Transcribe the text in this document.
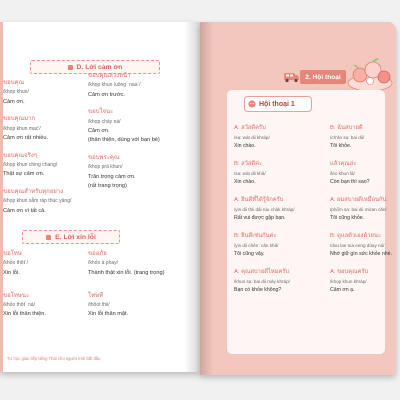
D. Lời cảm ơn
ขอบคุณ
/khọp khun/
Cảm ơn.
ขอบคุณมาก
/khọp khun mac'/
Cảm ơn rất nhiều.
ขอบคุณจริงๆ
/khọp khun ching chang/
Thật sự cảm ơn.
ขอบคุณสำหรับทุกอย่าง
/khọp khun sẳm ràp thúc yàng/
Cảm ơn vì tất cả.
ขอบคุณล่วงหน้า
/khọp khun luông´ naa´/
Cảm ơn trước.
ขอบใจนะ
/khọp chày ná/
Cảm ơn.
(thân thiện, dùng với bạn bè)
ขอบพระคุณ
/khọp prá khun/
Trân trọng cảm ơn.
(rất trang trọng)
E. Lời xin lỗi
ขอโทษ
/khỏo thôt´/
Xin lỗi.
ขอโทษนะ
/khỏo thôt´ ná/
Xin lỗi thân thiện.
ขออภัย
/khỏo à phay/
Thành thật xin lỗi. (trang trọng)
โทษที
/thôot thii/
Xin lỗi thân mật.
Tự học giao tiếp tiếng Thái cho người mới bắt đầu
2. Hội thoại
Hội thoại 1
A: สวัสดีครับ
/sa: wàt dii khráp/
Xin chào.
B: สวัสดีค่ะ
/sa: wàt dii khâ/
Xin chào.
A: ยินดีที่ได้รู้จักครับ
/yin dii thii dâi rúu chàk khráp/
Rất vui được gặp bạn.
B: ยินดีเช่นกันค่ะ
/yin dii chên´ căn khâ/
Tôi cũng vậy.
A: คุณสบายดีไหมครับ
/khun sa: bai dii mảy khráp/
Bạn có khỏe không?
B: ฉันสบายดี
/ch'ản sa: bai dii/
Tôi khỏe.
แล้วคุณล่ะ
/léo khun lâ/
Còn bạn thì sao?
A: ผมสบายดีเหมือนกัน
/phổm sa: bai dii mửan căn/
Tôi cũng khỏe.
B: ดูแลตัวเองด้วยนะ
/duu lae tua eeng dûay ná/
Nhớ giữ gìn sức khỏe nhé.
A: ขอบคุณครับ
/khọp khun khráp/
Cảm ơn ạ.
